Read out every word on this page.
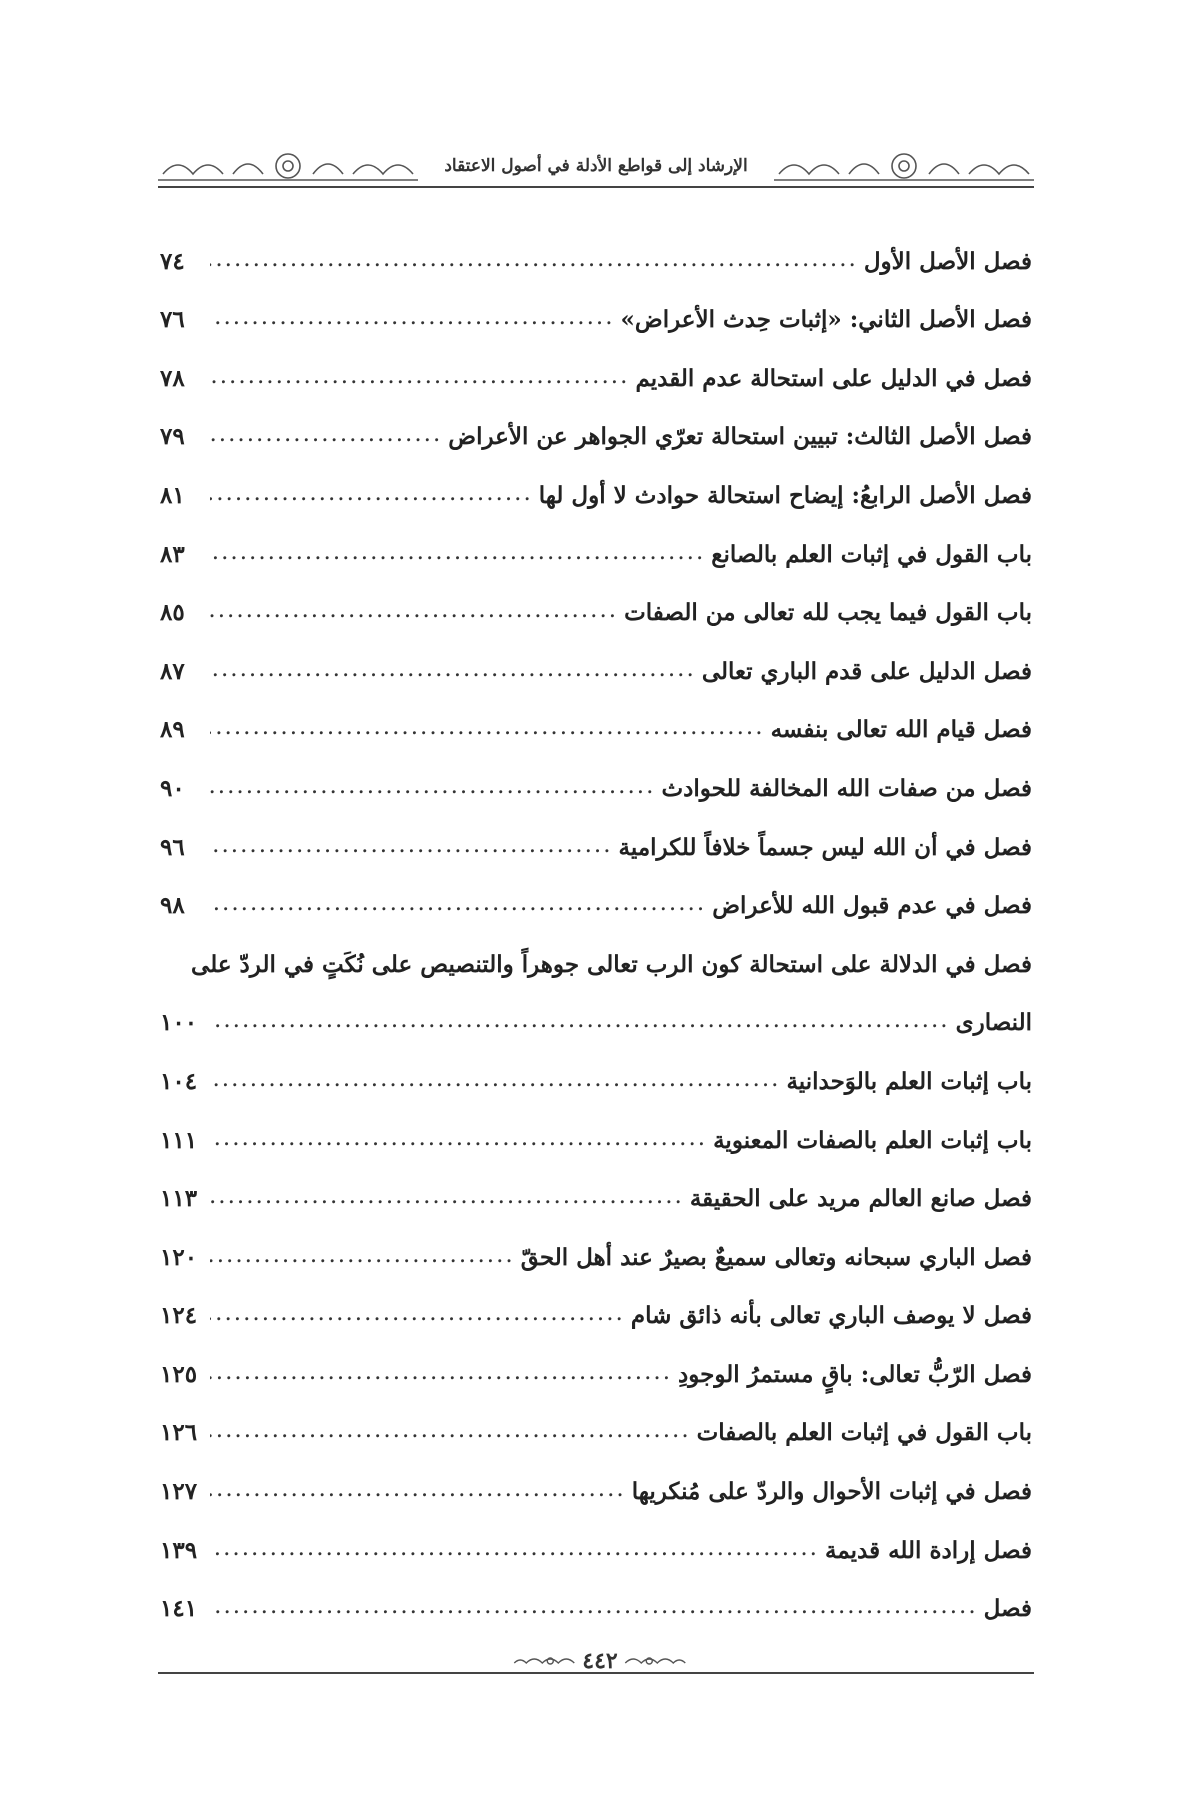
الإرشاد إلى قواطع الأدلة في أصول الاعتقاد
فصل الأصل الأول
.....
٧٤
فصل الأصل الثاني: «إثبات حِدث الأعراض»
.....
٧٦
فصل في الدليل على استحالة عدم القديم
.....
٧٨
فصل الأصل الثالث: تبيين استحالة تعرّي الجواهر عن الأعراض
.....
٧٩
فصل الأصل الرابعُ: إيضاح استحالة حوادث لا أول لها
.....
٨١
باب القول في إثبات العلم بالصانع
.....
٨٣
باب القول فيما يجب لله تعالى من الصفات
.....
٨٥
فصل الدليل على قدم الباري تعالى
.....
٨٧
فصل قيام الله تعالى بنفسه
.....
٨٩
فصل من صفات الله المخالفة للحوادث
.....
٩٠
فصل في أن الله ليس جسماً خلافاً للكرامية
.....
٩٦
فصل في عدم قبول الله للأعراض
.....
٩٨
فصل في الدلالة على استحالة كون الرب تعالى جوهراً والتنصيص على نُكَتٍ في الردّ على
النصارى
.....
١٠٠
باب إثبات العلم بالوَحدانية
.....
١٠٤
باب إثبات العلم بالصفات المعنوية
.....
١١١
فصل صانع العالم مريد على الحقيقة
.....
١١٣
فصل الباري سبحانه وتعالى سميعٌ بصيرٌ عند أهل الحقّ
.....
١٢٠
فصل لا يوصف الباري تعالى بأنه ذائق شام
.....
١٢٤
فصل الرّبُّ تعالى: باقٍ مستمرُ الوجودِ
.....
١٢٥
باب القول في إثبات العلم بالصفات
.....
١٢٦
فصل في إثبات الأحوال والردّ على مُنكريها
.....
١٢٧
فصل إرادة الله قديمة
.....
١٣٩
فصل
.....
١٤١
٤٤٢
